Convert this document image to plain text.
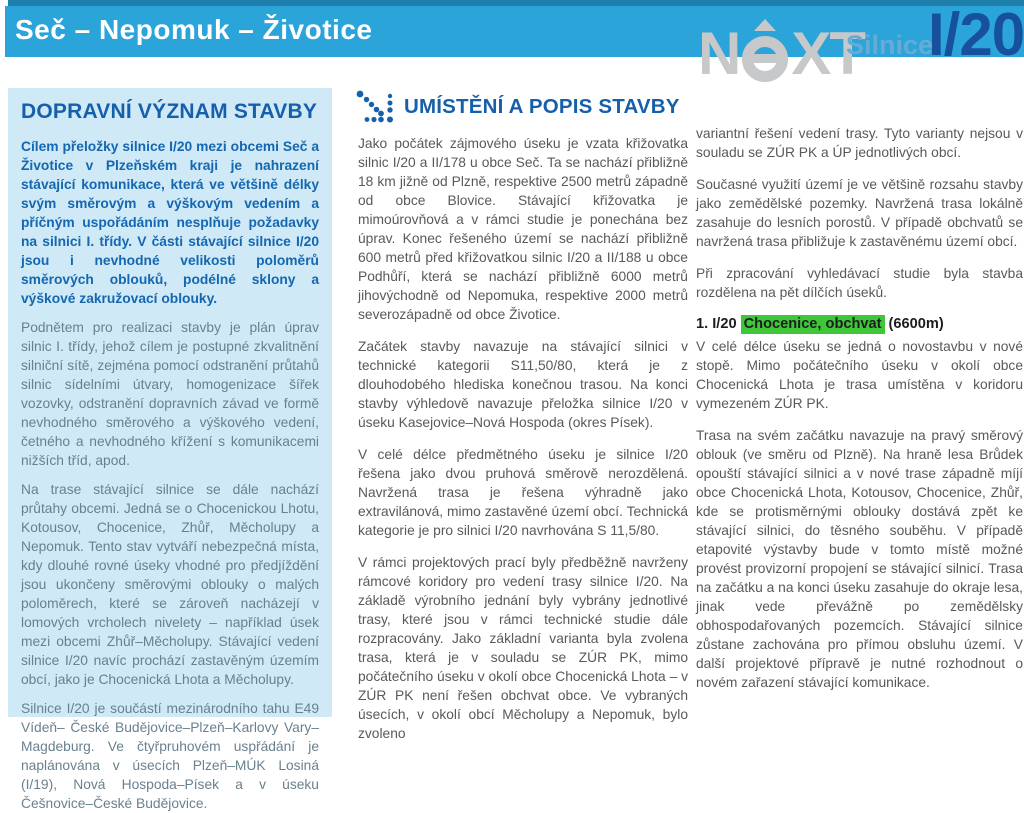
Seč – Nepomuk – Životice	N XT
Silnice
I/20
DOPRAVNÍ VÝZNAM STAVBY

Cílem přeložky silnice I/20 mezi obcemi Seč a Životice v Plzeňském kraji je nahrazení stávající komunikace, která ve většině délky svým směrovým a výškovým vedením a příčným uspořádáním nesplňuje požadavky na silnici I. třídy. V části stávající silnice I/20 jsou i nevhodné velikosti poloměrů směrových oblouků, podélné sklony a výškové zakružovací oblouky.

Podnětem pro realizaci stavby je plán úprav silnic I. třídy, jehož cílem je postupné zkvalitnění silniční sítě, zejména pomocí odstranění průtahů silnic sídelními útvary, homogenizace šířek vozovky, odstranění dopravních závad ve formě nevhodného směrového a výškového vedení, četného a nevhodného křížení s komunikacemi nižších tříd, apod.

Na trase stávající silnice se dále nachází průtahy obcemi. Jedná se o Chocenickou Lhotu, Kotousov, Chocenice, Zhůř, Měcholupy a Nepomuk. Tento stav vytváří nebezpečná místa, kdy dlouhé rovné úseky vhodné pro předjíždění jsou ukončeny směrovými oblouky o malých poloměrech, které se zároveň nacházejí v lomových vrcholech nivelety – například úsek mezi obcemi Zhůř–Měcholupy. Stávající vedení silnice I/20 navíc prochází zastavěným územím obcí, jako je Chocenická Lhota a Měcholupy.

Silnice I/20 je součástí mezinárodního tahu E49 Vídeň– České Budějovice–Plzeň–Karlovy Vary–Magdeburg. Ve čtyřpruhovém uspřádání je naplánována v úsecích Plzeň–MÚK Losiná (I/19), Nová Hospoda–Písek a v úseku Češnovice–České Budějovice.

UMÍSTĚNÍ A POPIS STAVBY

Jako počátek zájmového úseku je vzata křižovatka silnic I/20 a II/178 u obce Seč. Ta se nachází přibližně 18 km jižně od Plzně, respektive 2500 metrů západně od obce Blovice. Stávající křižovatka je mimoúrovňová a v rámci studie je ponechána bez úprav. Konec řešeného území se nachází přibližně 600 metrů před křižovatkou silnic I/20 a II/188 u obce Podhůří, která se nachází přibližně 6000 metrů jihovýchodně od Nepomuka, respektive 2000 metrů severozápadně od obce Životice.

Začátek stavby navazuje na stávající silnici v technické kategorii S11,50/80, která je z dlouhodobého hlediska konečnou trasou. Na konci stavby výhledově navazuje přeložka silnice I/20 v úseku Kasejovice–Nová Hospoda (okres Písek).

V celé délce předmětného úseku je silnice I/20 řešena jako dvou pruhová směrově nerozdělená. Navržená trasa je řešena výhradně jako extravilánová, mimo zastavěné území obcí. Technická kategorie je pro silnici I/20 navrhována S 11,5/80.

V rámci projektových prací byly předběžně navrženy rámcové koridory pro vedení trasy silnice I/20. Na základě výrobního jednání byly vybrány jednotlivé trasy, které jsou v rámci technické studie dále rozpracovány. Jako základní varianta byla zvolena trasa, která je v souladu se ZÚR PK, mimo počátečního úseku v okolí obce Chocenická Lhota – v ZÚR PK není řešen obchvat obce. Ve vybraných úsecích, v okolí obcí Měcholupy a Nepomuk, bylo zvoleno

variantní řešení vedení trasy. Tyto varianty nejsou v souladu se ZÚR PK a ÚP jednotlivých obcí.

Současné využití území je ve většině rozsahu stavby jako zemědělské pozemky. Navržená trasa lokálně zasahuje do lesních porostů. V případě obchvatů se navržená trasa přibližuje k zastavěnému území obcí.

Při zpracování vyhledávací studie byla stavba rozdělena na pět dílčích úseků.

1. I/20 Chocenice, obchvat (6600m)

V celé délce úseku se jedná o novostavbu v nové stopě. Mimo počátečního úseku v okolí obce Chocenická Lhota je trasa umístěna v koridoru vymezeném ZÚR PK.

Trasa na svém začátku navazuje na pravý směrový oblouk (ve směru od Plzně). Na hraně lesa Brůdek opouští stávající silnici a v nové trase západně míjí obce Chocenická Lhota, Kotousov, Chocenice, Zhůř, kde se protisměrnými oblouky dostává zpět ke stávající silnici, do těsného souběhu. V případě etapovité výstavby bude v tomto místě možné provést provizorní propojení se stávající silnicí. Trasa na začátku a na konci úseku zasahuje do okraje lesa, jinak vede převážně po zemědělsky obhospodařovaných pozemcích. Stávající silnice zůstane zachována pro přímou obsluhu území. V další projektové přípravě je nutné rozhodnout o novém zařazení stávající komunikace.
